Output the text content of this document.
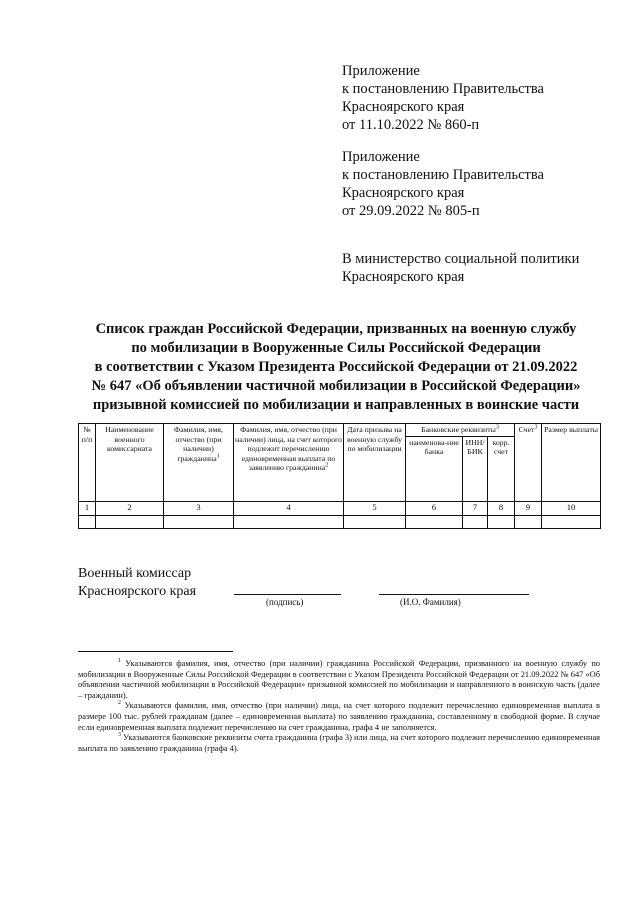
Приложение
к постановлению Правительства
Красноярского края
от 11.10.2022 № 860-п
Приложение
к постановлению Правительства
Красноярского края
от 29.09.2022 № 805-п
В министерство социальной политики
Красноярского края
Список граждан Российской Федерации, призванных на военную службу
по мобилизации в Вооруженные Силы Российской Федерации
в соответствии с Указом Президента Российской Федерации от 21.09.2022
№ 647 «Об объявлении частичной мобилизации в Российской Федерации»
призывной комиссией по мобилизации и направленных в воинские части
№ п/п	Наименование военного комиссариата	Фамилия, имя, отчество (при наличии) гражданина$^1$	Фамилия, имя, отчество (при наличии) лица, на счет которого подлежит перечислению единовременная выплата по заявлению гражданина$^2$	Дата призыва на военную службу по мобилизации	Банковские реквизиты$^3$			Счет$^3$	Размер выплаты
					наименова-ние банка	ИНН/ БИК	корр. счет		
1	2	3	4	5	6	7	8	9	10

Военный комиссар
Красноярского края
(подпись)	(И.О. Фамилия)

$^1$ Указываются фамилия, имя, отчество (при наличии) гражданина Российской Федерации, призванного на военную службу по мобилизации в Вооруженные Силы Российской Федерации в соответствии с Указом Президента Российской Федерации от 21.09.2022 № 647 «Об объявлении частичной мобилизации в Российской Федерации» призывной комиссией по мобилизации и направленного в воинскую часть (далее – гражданин).

$^2$ Указываются фамилия, имя, отчество (при наличии) лица, на счет которого подлежит перечислению единовременная выплата в размере 100 тыс. рублей гражданам (далее – единовременная выплата) по заявлению гражданина, составленному в свободной форме. В случае если единовременная выплата подлежит перечислению на счет гражданина, графа 4 не заполняется.

$^3$ Указываются банковские реквизиты счета гражданина (графа 3) или лица, на счет которого подлежит перечислению единовременная выплата по заявлению гражданина (графа 4).
